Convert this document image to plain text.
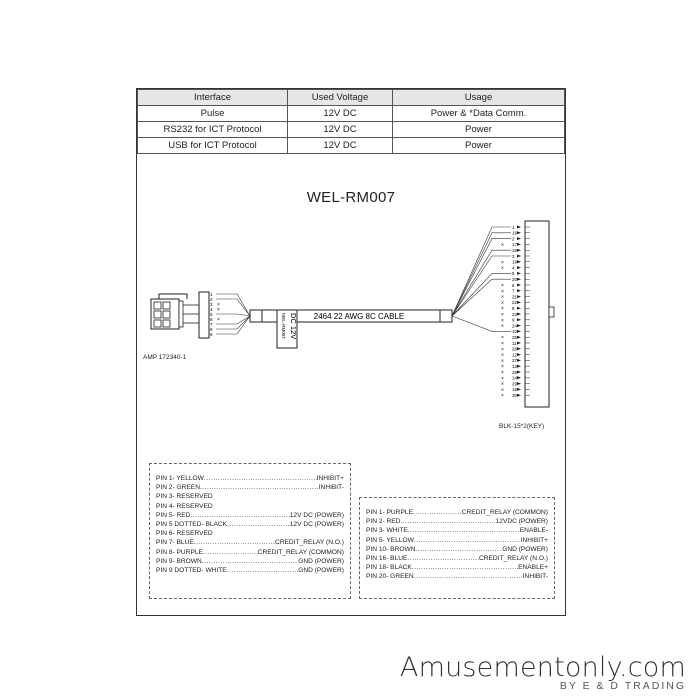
Interface	Used Voltage	Usage
Pulse	12V DC	Power & *Data Comm.
RS232 for ICT Protocol	12V DC	Power
USB for ICT Protocol	12V DC	Power
WEL-RM007
1
2
3
4
5
6
7
8
9
×
×
×	2464 22 AWG 8C CABLE
DC 12V
WEL-RM007
1
16
2
17
18
3
19
4
5
20
6
7
21
22
8
23
9
24
10
25
11
26
12
27
13
28
14
29
15
30
×
×
×
×
×
×
×
×
×
×
×
×
×
×
×
×
×
×
×
×
×
×
AMP 172340-1
BLK-15*2(KEY)
PIN 1- YELLOW .....	INHIBIT+
PIN 2- GREEN .....	INHIBIT-
PIN 3- RESERVED
PIN 4- RESERVED
PIN 5- RED .....	12V DC (POWER)
PIN 5 DOTTED- BLACK .....	12V DC (POWER)
PIN 6- RESERVED
PIN 7- BLUE .....	CREDIT_RELAY (N.O.)
PIN 8- PURPLE .....	CREDIT_RELAY (COMMON)
PIN 9- BROWN .....	GND (POWER)
PIN 9 DOTTED- WHITE .....	GND (POWER)
PIN 1- PURPLE .....	CREDIT_RELAY (COMMON)
PIN 2- RED .....	12VDC (POWER)
PIN 3- WHITE .....	ENABLE-
PIN 5- YELLOW .....	INHIBIT+
PIN 10- BROWN .....	GND (POWER)
PIN 16- BLUE .....	CREDIT_RELAY (N.O.)
PIN 18- BLACK .....	ENABLE+
PIN 20- GREEN .....	INHIBIT-
Amusementonly.com
BY E & D TRADING
